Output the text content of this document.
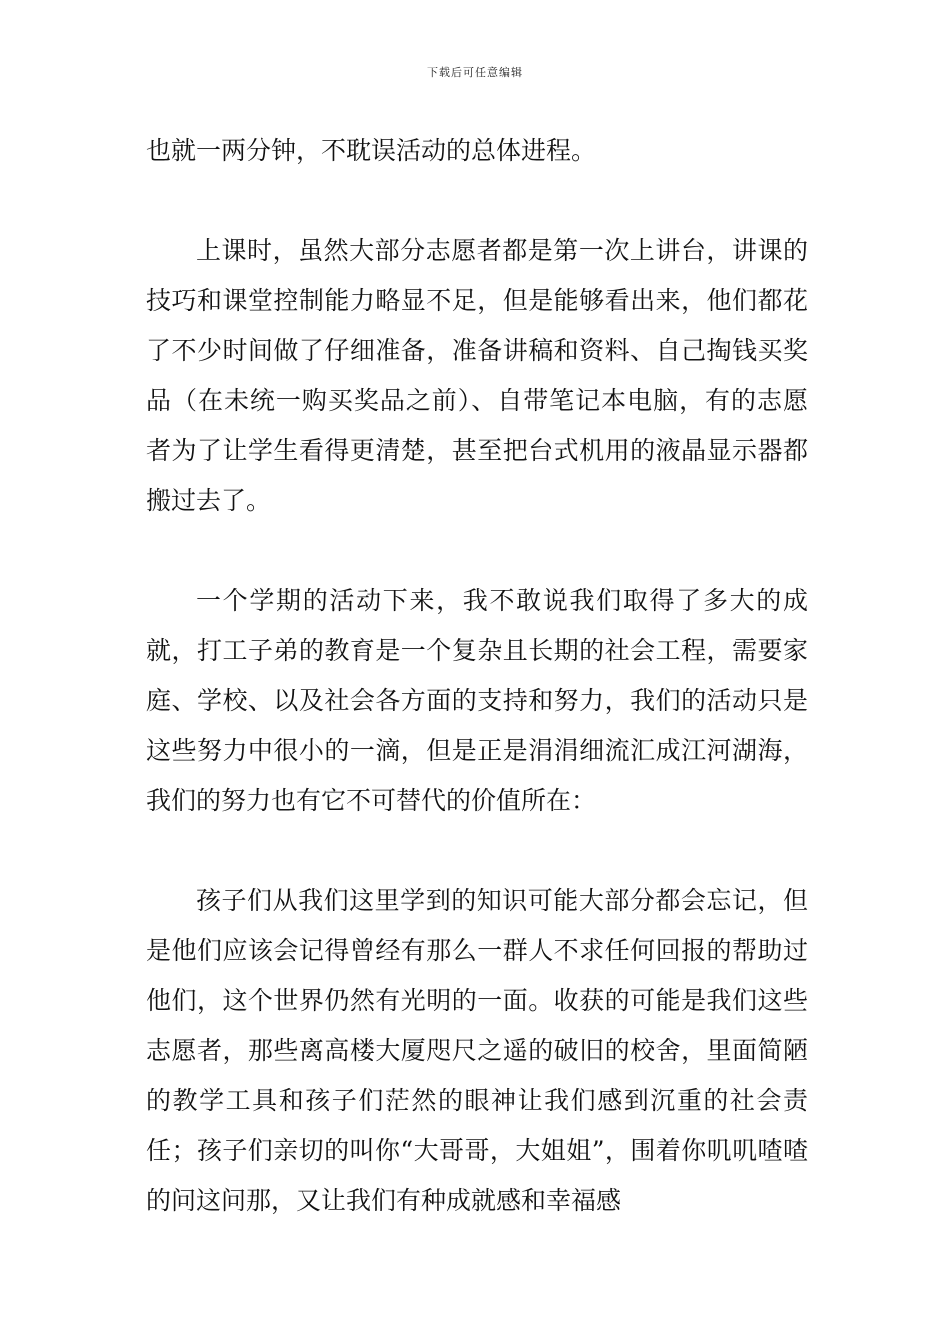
下载后可任意编辑

也就一两分钟，不耽误活动的总体进程。

上课时，虽然大部分志愿者都是第一次上讲台，讲课的技巧和课堂控制能力略显不足，但是能够看出来，他们都花了不少时间做了仔细准备，准备讲稿和资料、自己掏钱买奖品（在未统一购买奖品之前）、自带笔记本电脑，有的志愿者为了让学生看得更清楚，甚至把台式机用的液晶显示器都搬过去了。

一个学期的活动下来，我不敢说我们取得了多大的成就，打工子弟的教育是一个复杂且长期的社会工程，需要家庭、学校、以及社会各方面的支持和努力，我们的活动只是这些努力中很小的一滴，但是正是涓涓细流汇成江河湖海，我们的努力也有它不可替代的价值所在：

孩子们从我们这里学到的知识可能大部分都会忘记，但是他们应该会记得曾经有那么一群人不求任何回报的帮助过他们，这个世界仍然有光明的一面。收获的可能是我们这些志愿者，那些离高楼大厦咫尺之遥的破旧的校舍，里面简陋的教学工具和孩子们茫然的眼神让我们感到沉重的社会责任；孩子们亲切的叫你“大哥哥，大姐姐”，围着你叽叽喳喳的问这问那，又让我们有种成就感和幸福感
